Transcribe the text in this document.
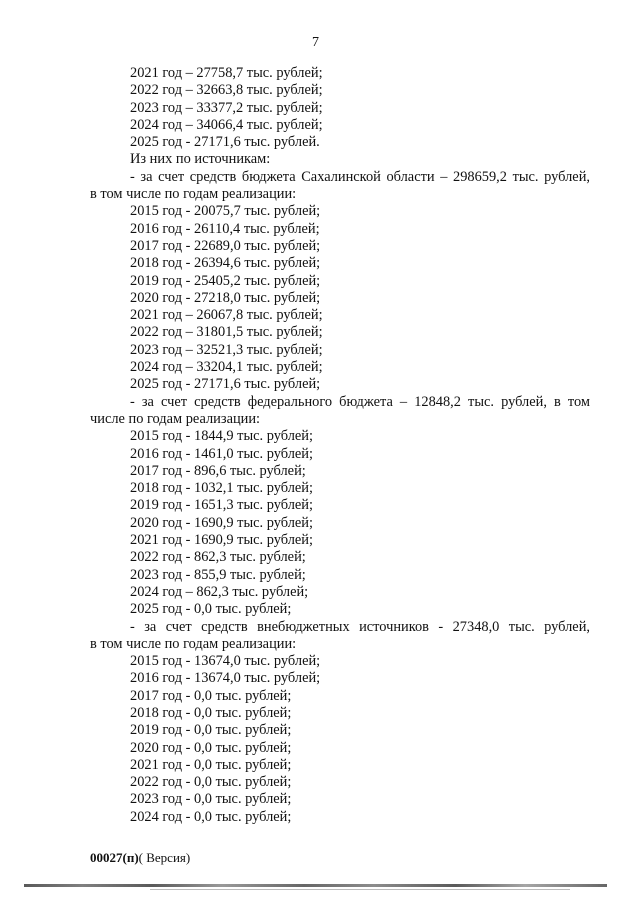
7
2021 год – 27758,7 тыс. рублей;
2022 год – 32663,8 тыс. рублей;
2023 год – 33377,2 тыс. рублей;
2024 год – 34066,4 тыс. рублей;
2025 год - 27171,6 тыс. рублей.
Из них по источникам:
- за счет средств бюджета Сахалинской области – 298659,2 тыс. рублей,
в том числе по годам реализации:
2015 год - 20075,7 тыс. рублей;
2016 год - 26110,4 тыс. рублей;
2017 год - 22689,0 тыс. рублей;
2018 год - 26394,6 тыс. рублей;
2019 год - 25405,2 тыс. рублей;
2020 год - 27218,0 тыс. рублей;
2021 год – 26067,8 тыс. рублей;
2022 год – 31801,5 тыс. рублей;
2023 год – 32521,3 тыс. рублей;
2024 год – 33204,1 тыс. рублей;
2025 год - 27171,6 тыс. рублей;
- за счет средств федерального бюджета – 12848,2 тыс. рублей, в том
числе по годам реализации:
2015 год - 1844,9 тыс. рублей;
2016 год - 1461,0 тыс. рублей;
2017 год - 896,6 тыс. рублей;
2018 год - 1032,1 тыс. рублей;
2019 год - 1651,3 тыс. рублей;
2020 год - 1690,9 тыс. рублей;
2021 год - 1690,9 тыс. рублей;
2022 год - 862,3 тыс. рублей;
2023 год - 855,9 тыс. рублей;
2024 год – 862,3 тыс. рублей;
2025 год - 0,0 тыс. рублей;
- за счет средств внебюджетных источников - 27348,0 тыс. рублей,
в том числе по годам реализации:
2015 год - 13674,0 тыс. рублей;
2016 год - 13674,0 тыс. рублей;
2017 год - 0,0 тыс. рублей;
2018 год - 0,0 тыс. рублей;
2019 год - 0,0 тыс. рублей;
2020 год - 0,0 тыс. рублей;
2021 год - 0,0 тыс. рублей;
2022 год - 0,0 тыс. рублей;
2023 год - 0,0 тыс. рублей;
2024 год - 0,0 тыс. рублей;
00027(п)( Версия)
